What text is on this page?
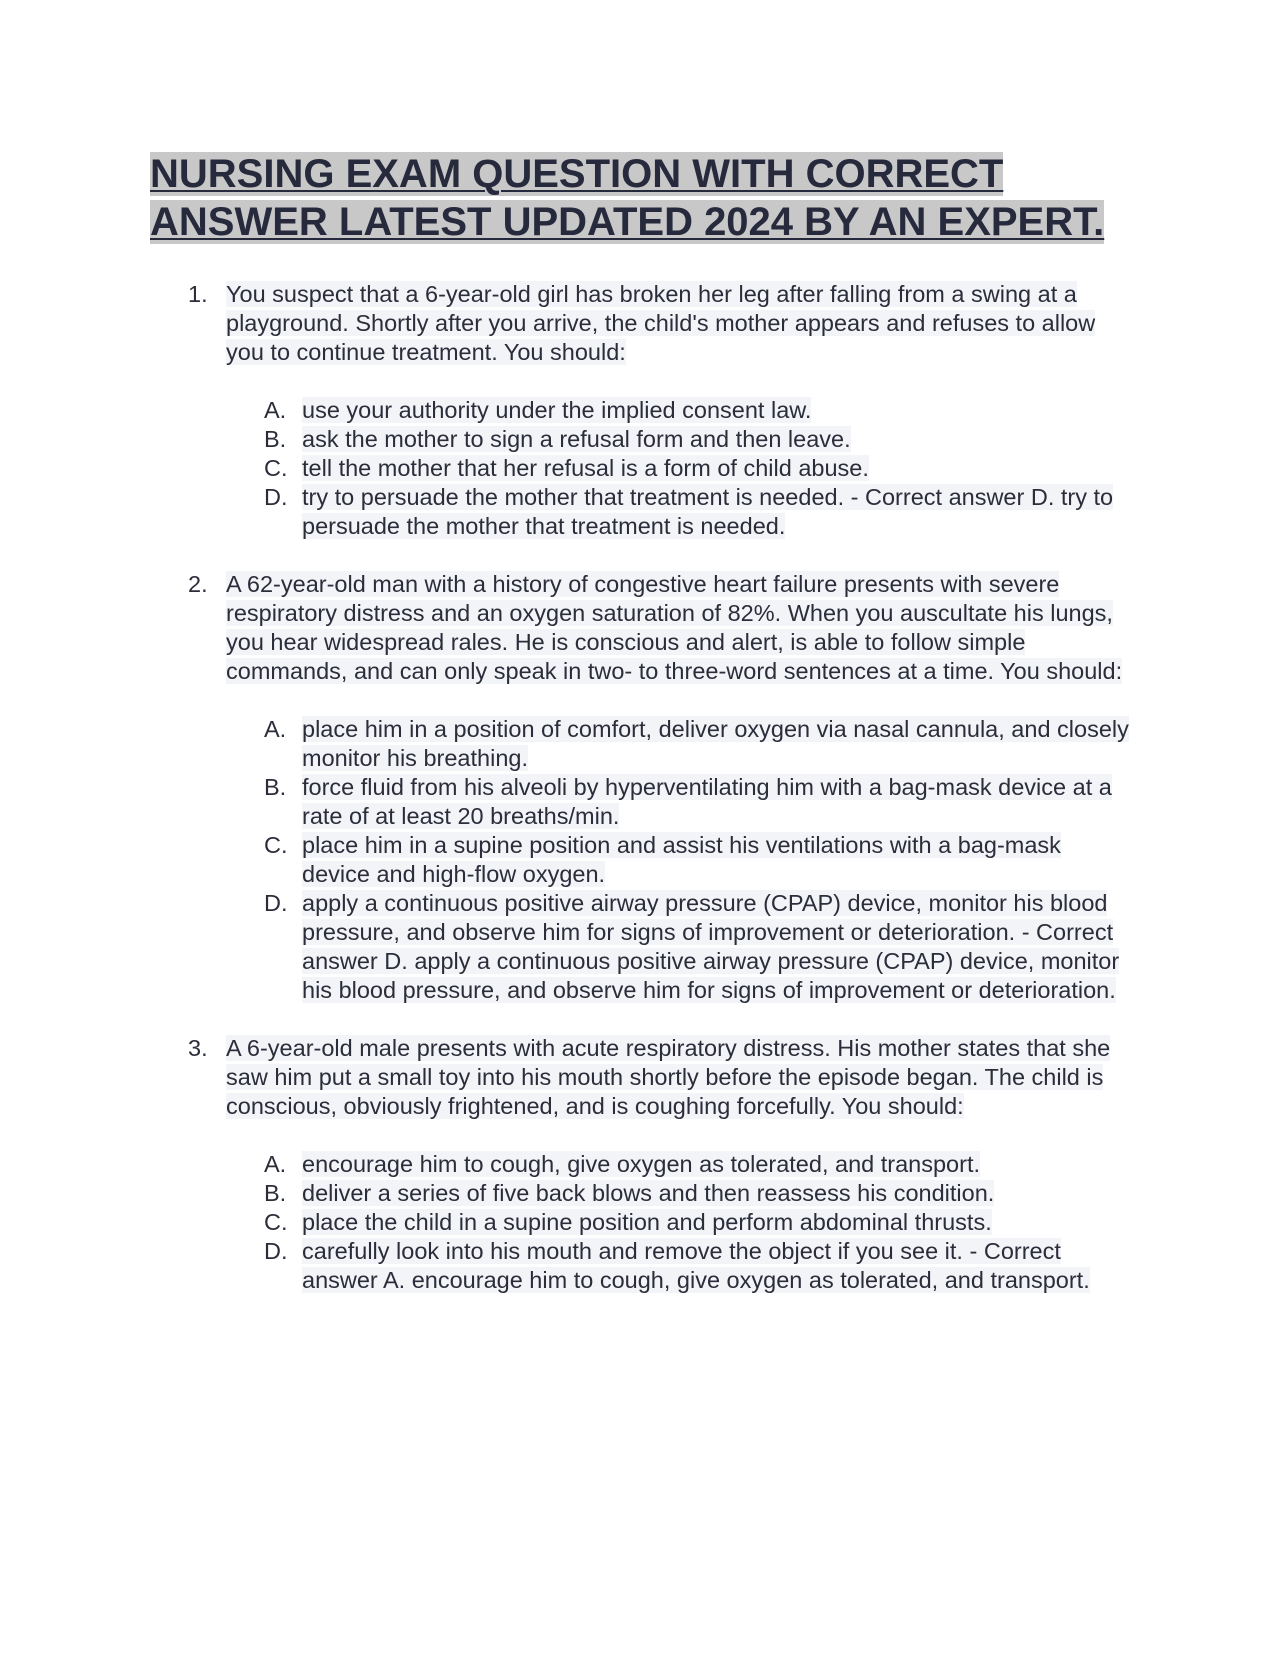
NURSING EXAM QUESTION WITH CORRECT ANSWER LATEST UPDATED 2024 BY AN EXPERT.
1. You suspect that a 6-year-old girl has broken her leg after falling from a swing at a playground. Shortly after you arrive, the child's mother appears and refuses to allow you to continue treatment. You should:
A. use your authority under the implied consent law.
B. ask the mother to sign a refusal form and then leave.
C. tell the mother that her refusal is a form of child abuse.
D. try to persuade the mother that treatment is needed. - Correct answer D. try to persuade the mother that treatment is needed.
2. A 62-year-old man with a history of congestive heart failure presents with severe respiratory distress and an oxygen saturation of 82%. When you auscultate his lungs, you hear widespread rales. He is conscious and alert, is able to follow simple commands, and can only speak in two- to three-word sentences at a time. You should:
A. place him in a position of comfort, deliver oxygen via nasal cannula, and closely monitor his breathing.
B. force fluid from his alveoli by hyperventilating him with a bag-mask device at a rate of at least 20 breaths/min.
C. place him in a supine position and assist his ventilations with a bag-mask device and high-flow oxygen.
D. apply a continuous positive airway pressure (CPAP) device, monitor his blood pressure, and observe him for signs of improvement or deterioration. - Correct answer D. apply a continuous positive airway pressure (CPAP) device, monitor his blood pressure, and observe him for signs of improvement or deterioration.
3. A 6-year-old male presents with acute respiratory distress. His mother states that she saw him put a small toy into his mouth shortly before the episode began. The child is conscious, obviously frightened, and is coughing forcefully. You should:
A. encourage him to cough, give oxygen as tolerated, and transport.
B. deliver a series of five back blows and then reassess his condition.
C. place the child in a supine position and perform abdominal thrusts.
D. carefully look into his mouth and remove the object if you see it. - Correct answer A. encourage him to cough, give oxygen as tolerated, and transport.
